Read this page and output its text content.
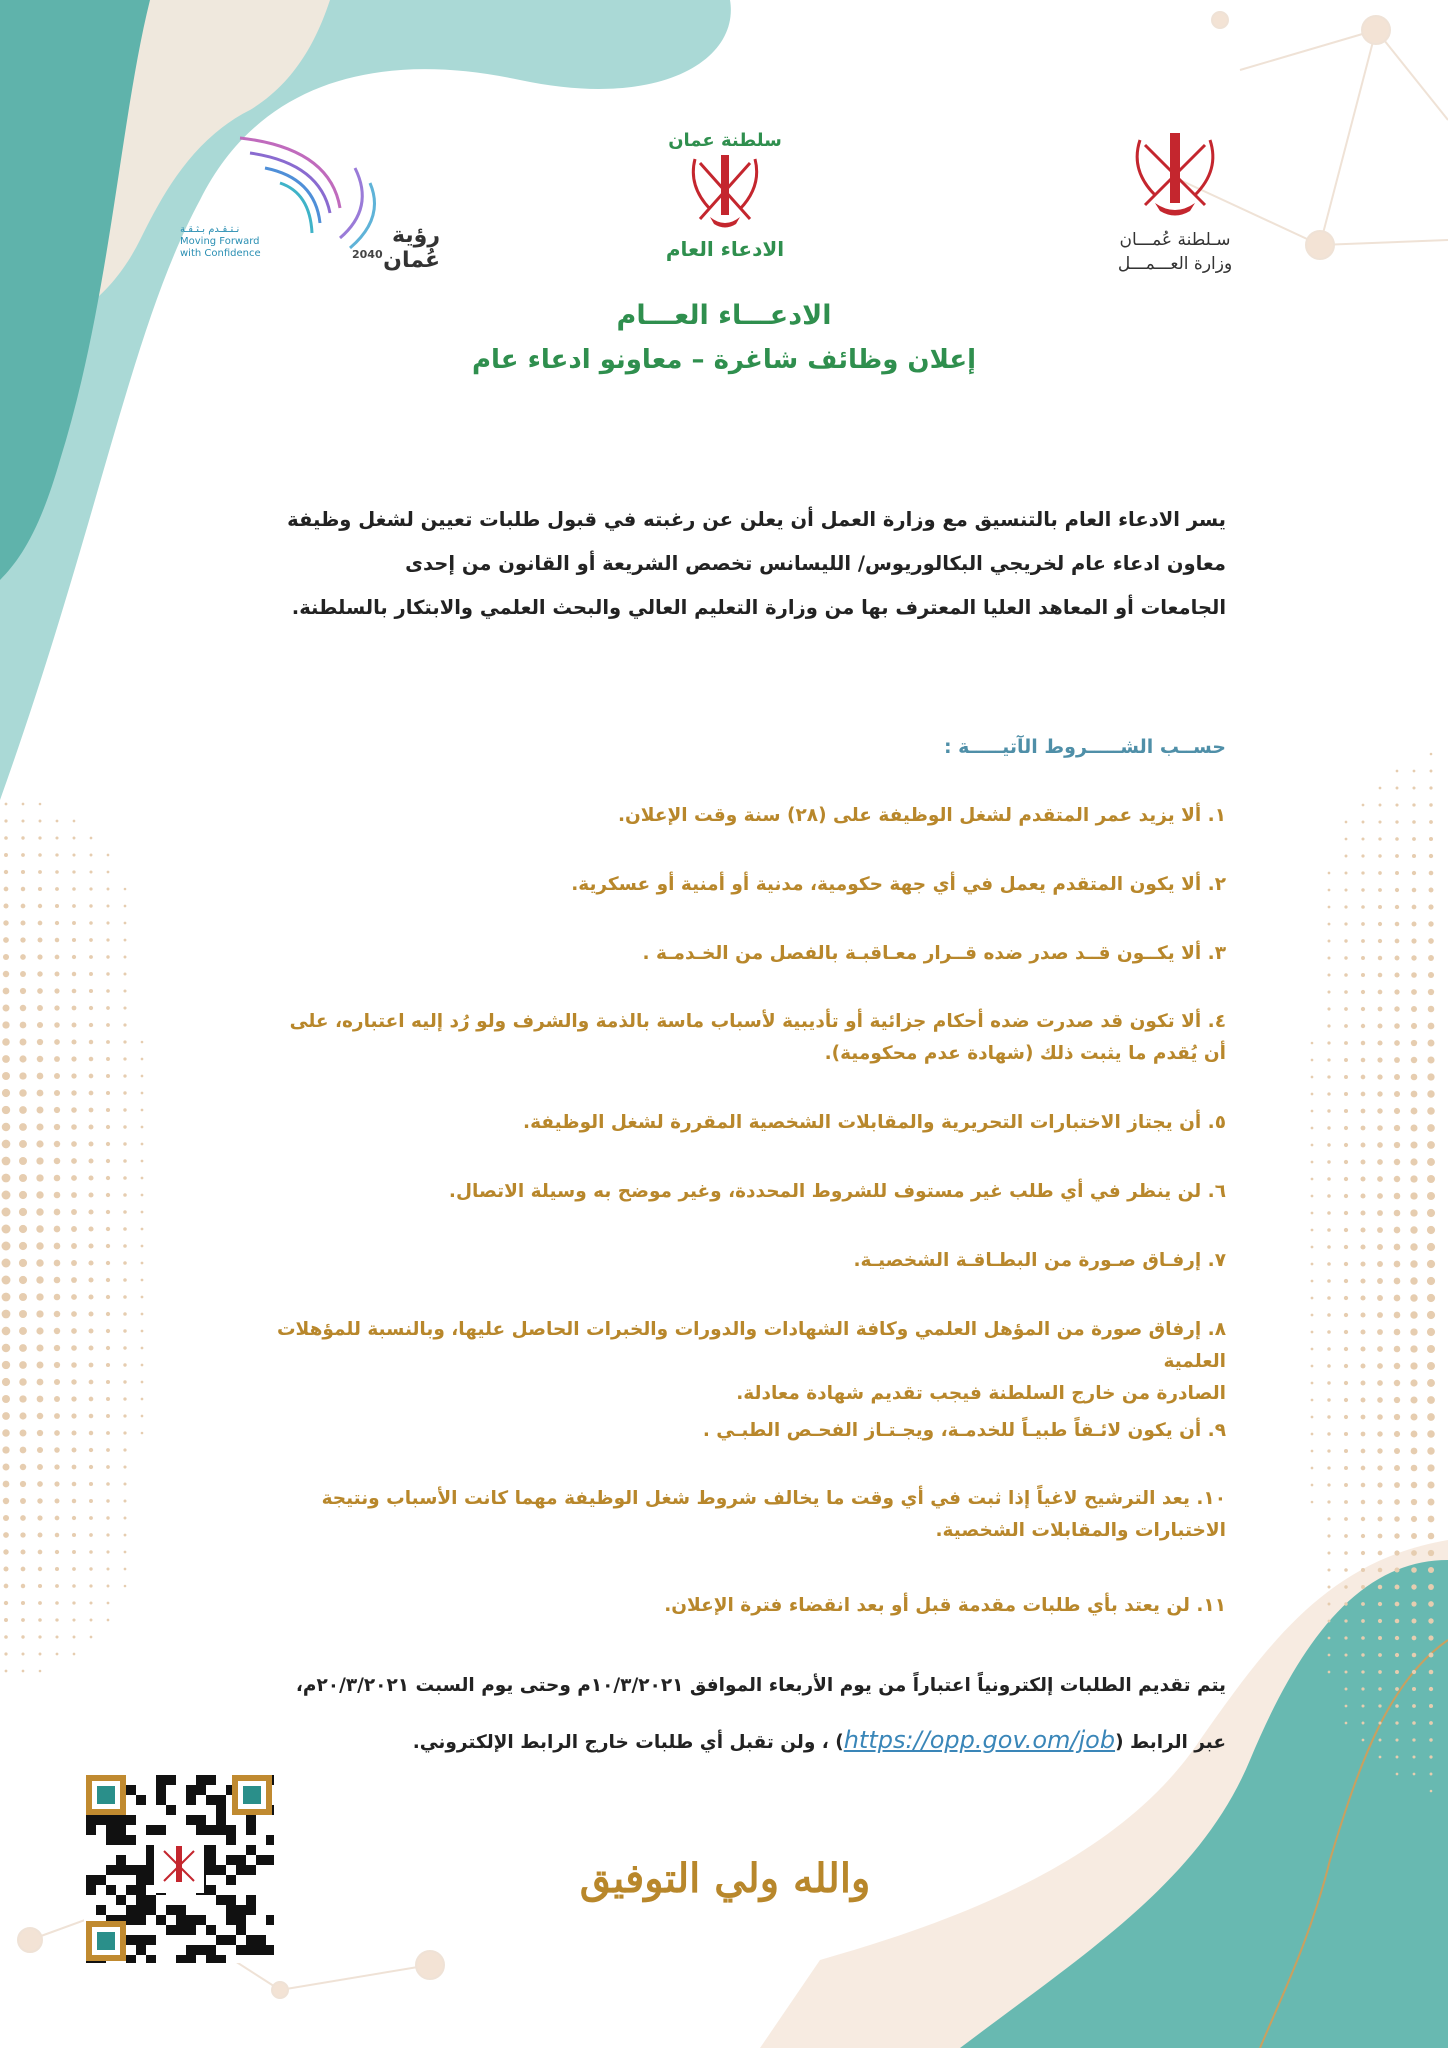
سـلطنة عُمـــان
وزارة العـــمـــل
سلطنة عمان
الادعاء العام
رؤية عُمان
2040
نـتـقـدم بـثـقـة
Moving Forward
with Confidence
الادعـــاء العـــام
إعلان وظائف شاغرة – معاونو ادعاء عام
يسر الادعاء العام بالتنسيق مع وزارة العمل أن يعلن عن رغبته في قبول طلبات تعيين لشغل وظيفة
معاون ادعاء عام لخريجي البكالوريوس/ الليسانس تخصص الشريعة أو القانون من إحدى
الجامعات أو المعاهد العليا المعترف بها من وزارة التعليم العالي والبحث العلمي والابتكار بالسلطنة.
حســب الشـــــروط الآتيـــــة :
١. ألا يزيد عمر المتقدم لشغل الوظيفة على (٢٨) سنة وقت الإعلان.
٢. ألا يكون المتقدم يعمل في أي جهة حكومية، مدنية أو أمنية أو عسكرية.
٣. ألا يكــون قــد صدر ضده قــرار معـاقبـة بالفصل من الخـدمـة .
٤. ألا تكون قد صدرت ضده أحكام جزائية أو تأديبية لأسباب ماسة بالذمة والشرف ولو رُد إليه اعتباره، على
أن يُقدم ما يثبت ذلك (شهادة عدم محكومية).
٥. أن يجتاز الاختبارات التحريرية والمقابلات الشخصية المقررة لشغل الوظيفة.
٦. لن ينظر في أي طلب غير مستوف للشروط المحددة، وغير موضح به وسيلة الاتصال.
٧. إرفـاق صـورة من البطـاقـة الشخصيـة.
٨. إرفاق صورة من المؤهل العلمي وكافة الشهادات والدورات والخبرات الحاصل عليها، وبالنسبة للمؤهلات العلمية
الصادرة من خارج السلطنة فيجب تقديم شهادة معادلة.
٩. أن يكون لائـقاً طبيـاً للخدمـة، ويجـتـاز الفحـص الطبـي .
١٠. يعد الترشيح لاغياً إذا ثبت في أي وقت ما يخالف شروط شغل الوظيفة مهما كانت الأسباب ونتيجة
الاختبارات والمقابلات الشخصية.
١١. لن يعتد بأي طلبات مقدمة قبل أو بعد انقضاء فترة الإعلان.
يتم تقديم الطلبات إلكترونياً اعتباراً من يوم الأربعاء الموافق ١٠/٣/٢٠٢١م وحتى يوم السبت ٢٠/٣/٢٠٢١م،
عبر الرابط (https://opp.gov.om/job) ، ولن تقبل أي طلبات خارج الرابط الإلكتروني.
والله ولي التوفيق
